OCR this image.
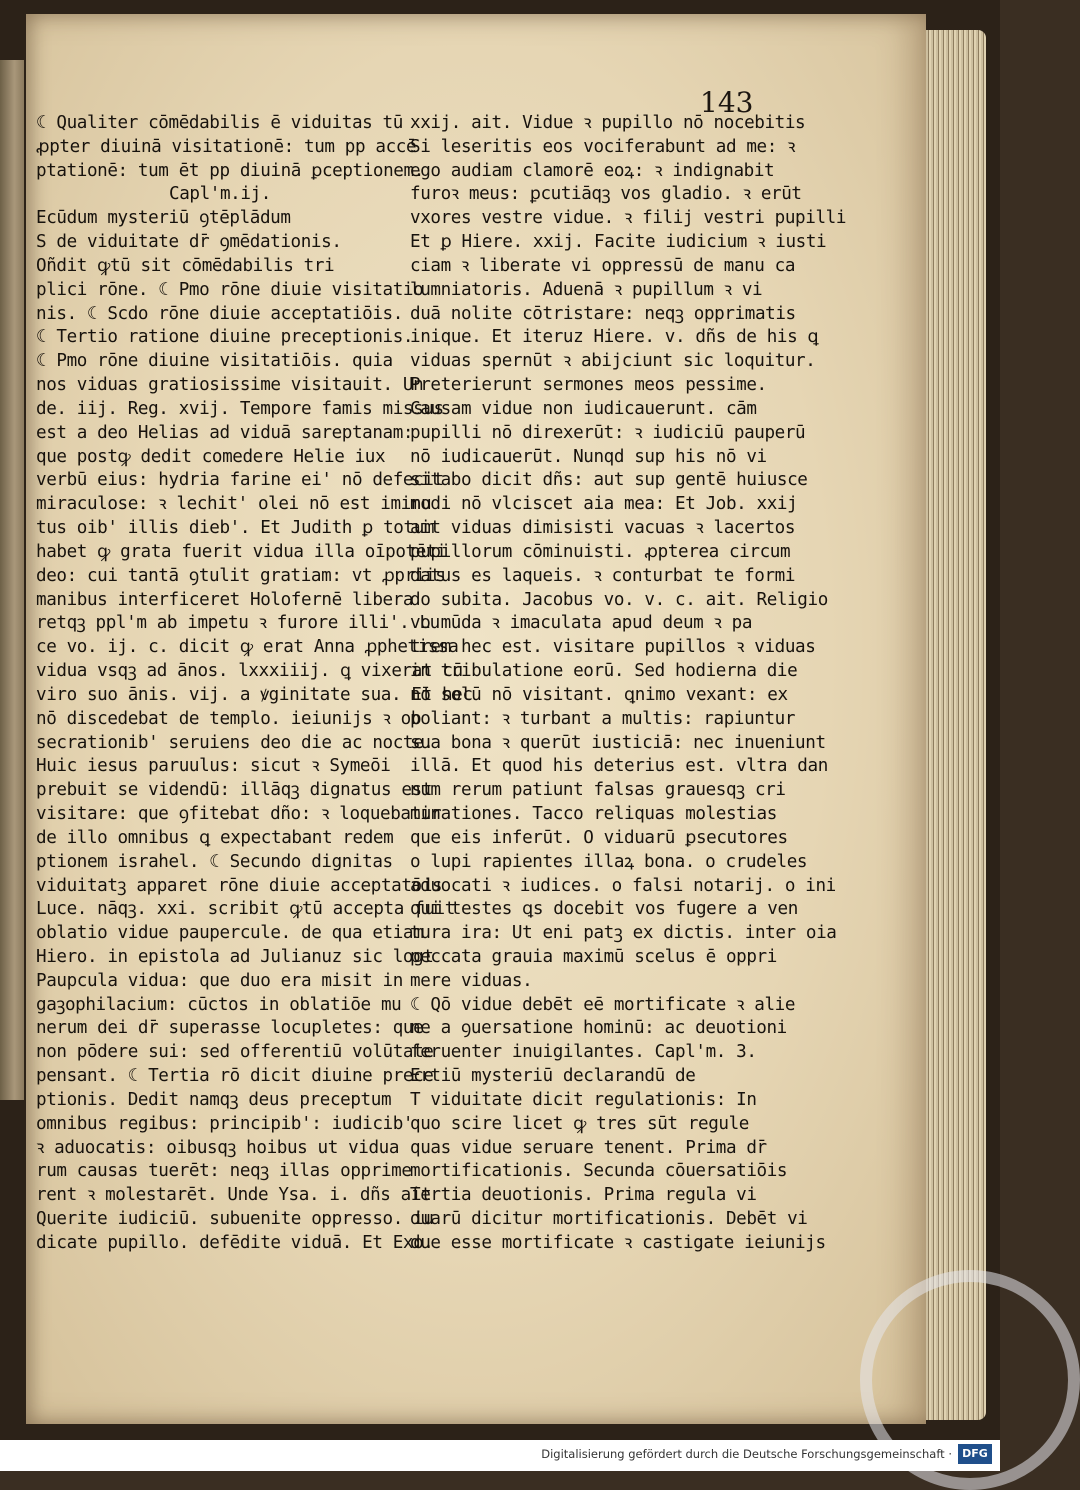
143
☾ Qualiter cōmēdabilis ē viduitas tū
ꝓpter diuinā visitationē: tum pp accē
ptationē: tum ēt pp diuinā ꝑceptionem.
Capl'm.ij.
Ecūdum mysteriū ꝯtēplādum
S de viduitate dr̄ ꝯmēdationis.
Oñdit ꝙtū sit cōmēdabilis tri
plici rōne. ☾ Pmo rōne diuie visitatio
nis. ☾ Scdo rōne diuie acceptatiōis.
☾ Tertio ratione diuine preceptionis.
☾ Pmo rōne diuine visitatiōis. quia
nos viduas gratiosissime visitauit. Un
de. iij. Reg. xvij. Tempore famis missus
est a deo Helias ad viduā sareptanam:
que postꝙ dedit comedere Helie iux
verbū eius: hydria farine ei' nō defecit
miraculose: ꝛ lechit' olei nō est iminu
tus oib' illis dieb'. Et Judith ꝑ totum
habet ꝙ grata fuerit vidua illa oīpotēti
deo: cui tantā ꝯtulit gratiam: vt ꝓpriis
manibus interficeret Holofernē libera
retqꝫ ppl'm ab impetu ꝛ furore illi'. Lu
ce vo. ij. c. dicit ꝙ erat Anna ꝓphetissa
vidua vsqꝫ ad ānos. lxxxiiij. ꝗ vixerat cū
viro suo ānis. vij. a ꝟginitate sua. Et hec
nō discedebat de templo. ieiunijs ꝛ ob
secrationib' seruiens deo die ac nocte.
Huic iesus paruulus: sicut ꝛ Symeōi
prebuit se videndū: illāqꝫ dignatus est
visitare: que ꝯfitebat dño: ꝛ loquebatur
de illo omnibus ꝗ expectabant redem
ptionem israhel. ☾ Secundo dignitas
viduitatꝫ apparet rōne diuie acceptatōis
Luce. nāqꝫ. xxi. scribit ꝙtū accepta fuit
oblatio vidue paupercule. de qua etiam
Hiero. in epistola ad Julianuz sic logt
Paupcula vidua: que duo era misit in
gaꝫophilacium: cūctos in oblatiōe mu
nerum dei dr̄ superasse locupletes: que
non pōdere sui: sed offerentiū volūtate
pensant. ☾ Tertia rō dicit diuine prece
ptionis. Dedit namqꝫ deus preceptum
omnibus regibus: principib': iudicib'
ꝛ aduocatis: oibusqꝫ hoibus ut vidua
rum causas tuerēt: neqꝫ illas opprime
rent ꝛ molestarēt. Unde Ysa. i. dñs ait
Querite iudiciū. subuenite oppresso. iu
dicate pupillo. defēdite viduā. Et Exo.
xxij. ait. Vidue ꝛ pupillo nō nocebitis
Si leseritis eos vociferabunt ad me: ꝛ
ego audiam clamorē eoꝝ: ꝛ indignabit
furoꝛ meus: ꝑcutiāqꝫ vos gladio. ꝛ erūt
vxores vestre vidue. ꝛ filij vestri pupilli
Et ꝑ Hiere. xxij. Facite iudicium ꝛ iusti
ciam ꝛ liberate vi oppressū de manu ca
lumniatoris. Aduenā ꝛ pupillum ꝛ vi
duā nolite cōtristare: neqꝫ opprimatis
inique. Et iteruz Hiere. v. dñs de his ꝗ
viduas spernūt ꝛ abijciunt sic loquitur.
Preterierunt sermones meos pessime.
Causam vidue non iudicauerunt. cām
pupilli nō direxerūt: ꝛ iudiciū pauperū
nō iudicauerūt. Nunqd sup his nō vi
sitabo dicit dñs: aut sup gentē huiusce
modi nō vlciscet aia mea: Et Job. xxij
ait viduas dimisisti vacuas ꝛ lacertos
pupillorum cōminuisti. ꝓpterea circum
datus es laqueis. ꝛ conturbat te formi
do subita. Jacobus vo. v. c. ait. Religio
vo mūda ꝛ imaculata apud deum ꝛ pa
trem hec est. visitare pupillos ꝛ viduas
in tribulatione eorū. Sed hodierna die
nō solū nō visitant. ꝗnimo vexant: ex
poliant: ꝛ turbant a multis: rapiuntur
sua bona ꝛ querūt iusticiā: nec inueniunt
illā. Et quod his deterius est. vltra dan
num rerum patiunt falsas grauesqꝫ cri
minationes. Tacco reliquas molestias
que eis inferūt. O viduarū ꝑsecutores
o lupi rapientes illaꝝ bona. o crudeles
aduocati ꝛ iudices. o falsi notarij. o ini
qui testes ꝗs docebit vos fugere a ven
tura ira: Ut eni patꝫ ex dictis. inter oia
peccata grauia maximū scelus ē oppri
mere viduas.
☾ Qō vidue debēt eē mortificate ꝛ alie
ne a ꝯuersatione hominū: ac deuotioni
feruenter inuigilantes. Capl'm. 3.
Ertiū mysteriū declarandū de
T viduitate dicit regulationis: In
quo scire licet ꝙ tres sūt regule
quas vidue seruare tenent. Prima dr̄
mortificationis. Secunda cōuersatiōis
Tertia deuotionis. Prima regula vi
duarū dicitur mortificationis. Debēt vi
due esse mortificate ꝛ castigate ieiunijs
Digitalisierung gefördert durch die Deutsche Forschungsgemeinschaft · DFG
